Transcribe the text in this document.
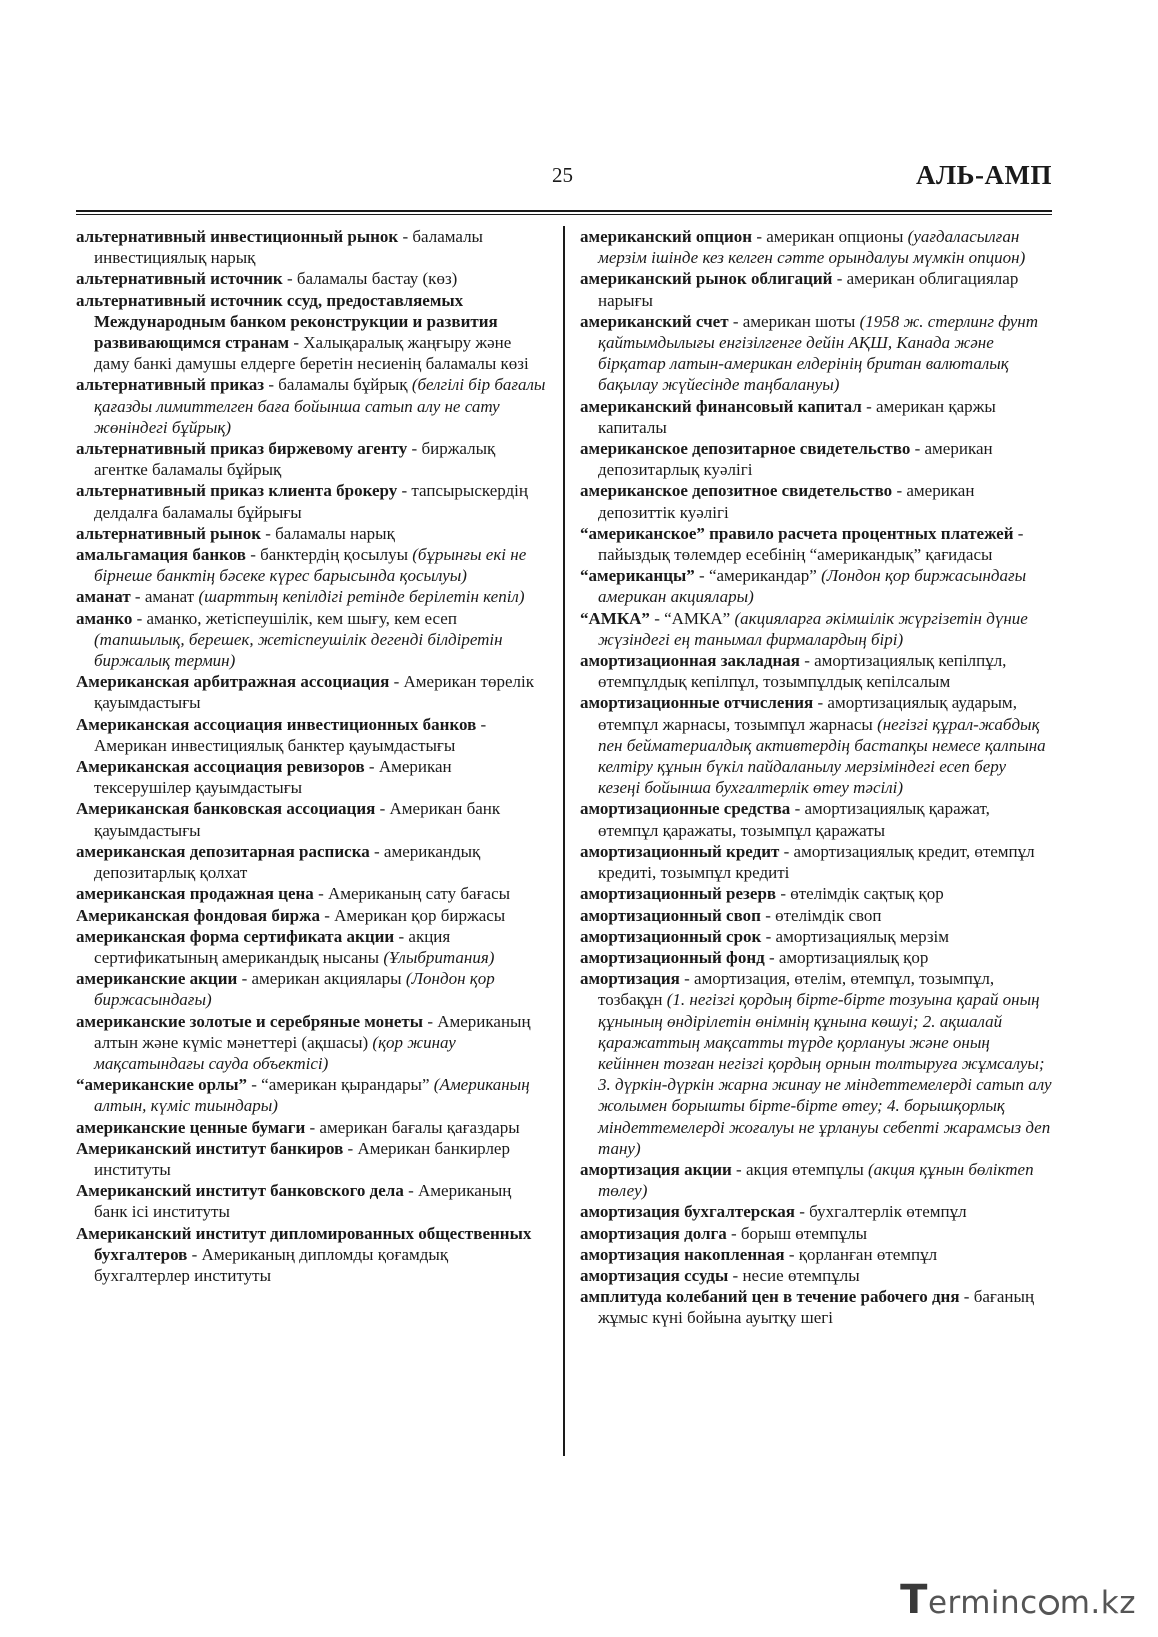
25	АЛЬ-АМП

альтернативный инвестиционный рынок - баламалы инвестициялық нарық

альтернативный источник - баламалы бастау (көз)

альтернативный источник ссуд, предоставляемых Международным банком реконструкции и развития развивающимся странам - Халықаралық жаңғыру және даму банкі дамушы елдерге беретін несиенің баламалы көзі

альтернативный приказ - баламалы бұйрық (белгілі бір бағалы қағазды лимиттелген баға бойынша сатып алу не сату жөніндегі бұйрық)

альтернативный приказ биржевому агенту - биржалық агентке баламалы бұйрық

альтернативный приказ клиента брокеру - тапсырыскердің делдалға баламалы бұйрығы

альтернативный рынок - баламалы нарық

амальгамация банков - банктердің қосылуы (бұрынғы екі не бірнеше банктің бәсеке күрес барысында қосылуы)

аманат - аманат (шарттың кепілдігі ретінде берілетін кепіл)

аманко - аманко, жетіспеушілік, кем шығу, кем есеп (тапшылық, берешек, жетіспеушілік дегенді білдіретін биржалық термин)

Американская арбитражная ассоциация - Американ төрелік қауымдастығы

Американская ассоциация инвестиционных банков - Американ инвестициялық банктер қауымдастығы

Американская ассоциация ревизоров - Американ тексерушілер қауымдастығы

Американская банковская ассоциация - Американ банк қауымдастығы

американская депозитарная расписка - американдық депозитарлық қолхат

американская продажная цена - Американың сату бағасы

Американская фондовая биржа - Американ қор биржасы

американская форма сертификата акции - акция сертификатының американдық нысаны (Ұлыбритания)

американские акции - американ акциялары (Лондон қор биржасындағы)

американские золотые и серебряные монеты - Американың алтын және күміс мәнеттері (ақшасы) (қор жинау мақсатындағы сауда объектісі)

“американские орлы” - “американ қырандары” (Американың алтын, күміс тиындары)

американские ценные бумаги - американ бағалы қағаздары

Американский институт банкиров - Американ банкирлер институты

Американский институт банковского дела - Американың банк ісі институты

Американский институт дипломированных общественных бухгалтеров - Американың дипломды қоғамдық бухгалтерлер институты

американский опцион - американ опционы (уағдаласылған мерзім ішінде кез келген сәтте орындалуы мүмкін опцион)

американский рынок облигаций - американ облигациялар нарығы

американский счет - американ шоты (1958 ж. стерлинг фунт қайтымдылығы енгізілгенге дейін АҚШ, Канада және бірқатар латын-американ елдерінің британ валюталық бақылау жүйесінде таңбалануы)

американский финансовый капитал - американ қаржы капиталы

американское депозитарное свидетельство - американ депозитарлық куәлігі

американское депозитное свидетельство - американ депозиттік куәлігі

“американское” правило расчета процентных платежей - пайыздық төлемдер есебінің “американдық” қағидасы

“американцы” - “американдар” (Лондон қор биржасындағы американ акциялары)

“АМКА” - “АМКА” (акцияларға әкімшілік жүргізетін дүние жүзіндегі ең танымал фирмалардың бірі)

амортизационная закладная - амортизациялық кепілпұл, өтемпұлдық кепілпұл, тозымпұлдық кепілсалым

амортизационные отчисления - амортизациялық аударым, өтемпұл жарнасы, тозымпұл жарнасы (негізгі құрал-жабдық пен бейматериалдық активтердің бастапқы немесе қалпына келтіру құнын бүкіл пайдаланылу мерзіміндегі есеп беру кезеңі бойынша бухгалтерлік өтеу тәсілі)

амортизационные средства - амортизациялық қаражат, өтемпұл қаражаты, тозымпұл қаражаты

амортизационный кредит - амортизациялық кредит, өтемпұл кредиті, тозымпұл кредиті

амортизационный резерв - өтелімдік сақтық қор

амортизационный своп - өтелімдік своп

амортизационный срок - амортизациялық мерзім

амортизационный фонд - амортизациялық қор

амортизация - амортизация, өтелім, өтемпұл, тозымпұл, тозбақұн (1. негізгі қордың бірте-бірте тозуына қарай оның құнының өндірілетін өнімнің құнына көшуі; 2. ақшалай қаражаттың мақсатты түрде қорлануы және оның кейіннен тозған негізгі қордың орнын толтыруға жұмсалуы; 3. дүркін-дүркін жарна жинау не міндеттемелерді сатып алу жолымен борышты бірте-бірте өтеу; 4. борышқорлық міндеттемелерді жоғалуы не ұрлануы себепті жарамсыз деп тану)

амортизация акции - акция өтемпұлы (акция құнын бөліктеп төлеу)

амортизация бухгалтерская - бухгалтерлік өтемпұл

амортизация долга - борыш өтемпұлы

амортизация накопленная - қорланған өтемпұл

амортизация ссуды - несие өтемпұлы

амплитуда колебаний цен в течение рабочего дня - бағаның жұмыс күні бойына ауытқу шегі

Terminc m.kz
